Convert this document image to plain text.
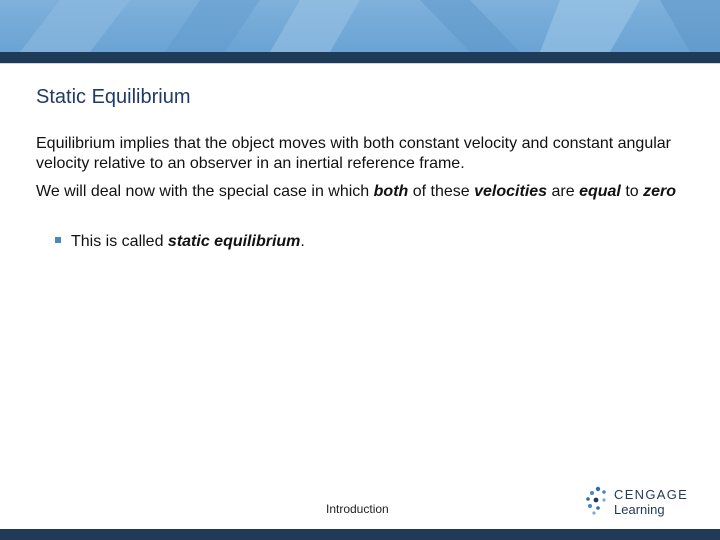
Static Equilibrium

Equilibrium implies that the object moves with both constant velocity and constant angular velocity relative to an observer in an inertial reference frame.

We will deal now with the special case in which both of these velocities are equal to zero

This is called static equilibrium.
Introduction
CENGAGE
Learning
